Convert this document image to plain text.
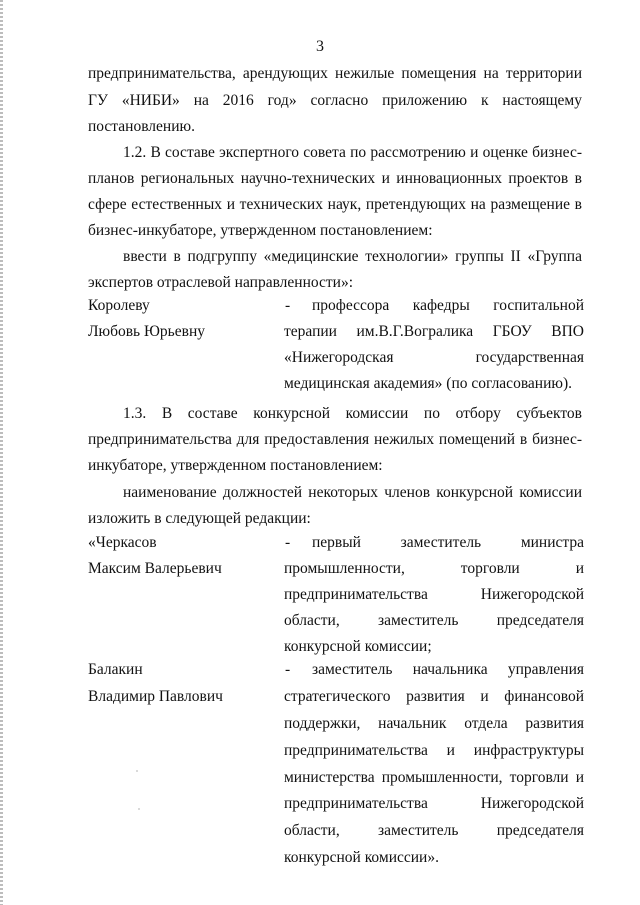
3
предпринимательства, арендующих нежилые помещения на территории
ГУ «НИБИ» на 2016 год» согласно приложению к настоящему
постановлению.
1.2. В составе экспертного совета по рассмотрению и оценке бизнес-
планов региональных научно-технических и инновационных проектов в
сфере естественных и технических наук, претендующих на размещение в
бизнес-инкубаторе, утвержденном постановлением:
ввести в подгруппу «медицинские технологии» группы II «Группа
экспертов отраслевой направленности»:
Королеву
Любовь Юрьевну
- профессора кафедры госпитальной
терапии им.В.Г.Вогралика ГБОУ ВПО
«Нижегородская государственная
медицинская академия» (по согласованию).
1.3. В составе конкурсной комиссии по отбору субъектов
предпринимательства для предоставления нежилых помещений в бизнес-
инкубаторе, утвержденном постановлением:
наименование должностей некоторых членов конкурсной комиссии
изложить в следующей редакции:
«Черкасов
Максим Валерьевич
- первый заместитель министра
промышленности, торговли и
предпринимательства Нижегородской
области, заместитель председателя
конкурсной комиссии;
Балакин
Владимир Павлович
- заместитель начальника управления
стратегического развития и финансовой
поддержки, начальник отдела развития
предпринимательства и инфраструктуры
министерства промышленности, торговли и
предпринимательства Нижегородской
области, заместитель председателя
конкурсной комиссии».
